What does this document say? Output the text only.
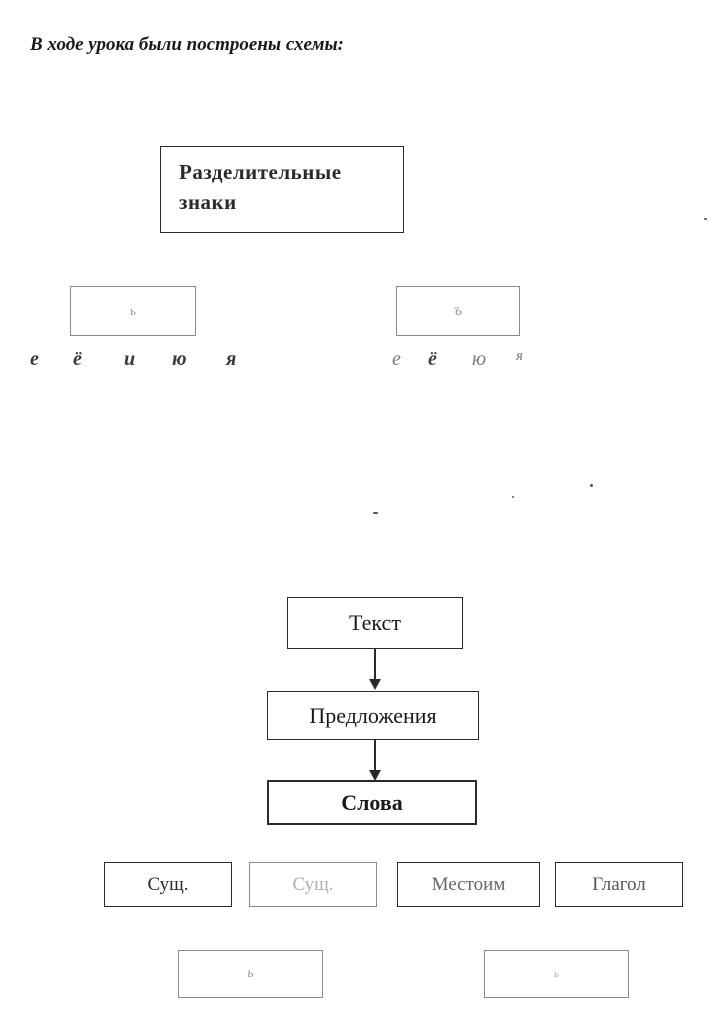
В ходе урока были построены схемы:
Разделительные
знаки
ь	ъ
е ё и ю я	е ё ю я
Текст
Предложения
Слова
Сущ.	Сущ.	Местоим	Глагол
ь	ь
